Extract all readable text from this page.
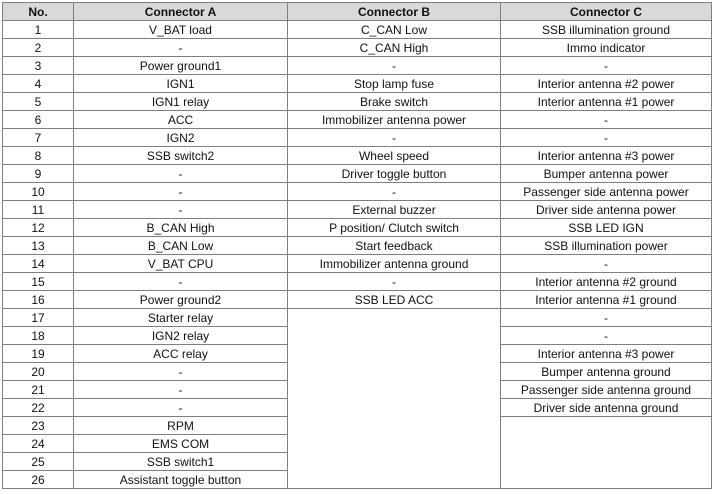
No.	Connector A	Connector B	Connector C
1	V_BAT load	C_CAN Low	SSB illumination ground
2	-	C_CAN High	Immo indicator
3	Power ground1	-	-
4	IGN1	Stop lamp fuse	Interior antenna #2 power
5	IGN1 relay	Brake switch	Interior antenna #1 power
6	ACC	Immobilizer antenna power	-
7	IGN2	-	-
8	SSB switch2	Wheel speed	Interior antenna #3 power
9	-	Driver toggle button	Bumper antenna power
10	-	-	Passenger side antenna power
11	-	External buzzer	Driver side antenna power
12	B_CAN High	P position/ Clutch switch	SSB LED IGN
13	B_CAN Low	Start feedback	SSB illumination power
14	V_BAT CPU	Immobilizer antenna ground	-
15	-	-	Interior antenna #2 ground
16	Power ground2	SSB LED ACC	Interior antenna #1 ground
17	Starter relay		-
18	IGN2 relay		-
19	ACC relay		Interior antenna #3 power
20	-		Bumper antenna ground
21	-		Passenger side antenna ground
22	-		Driver side antenna ground
23	RPM		
24	EMS COM		
25	SSB switch1		
26	Assistant toggle button		
